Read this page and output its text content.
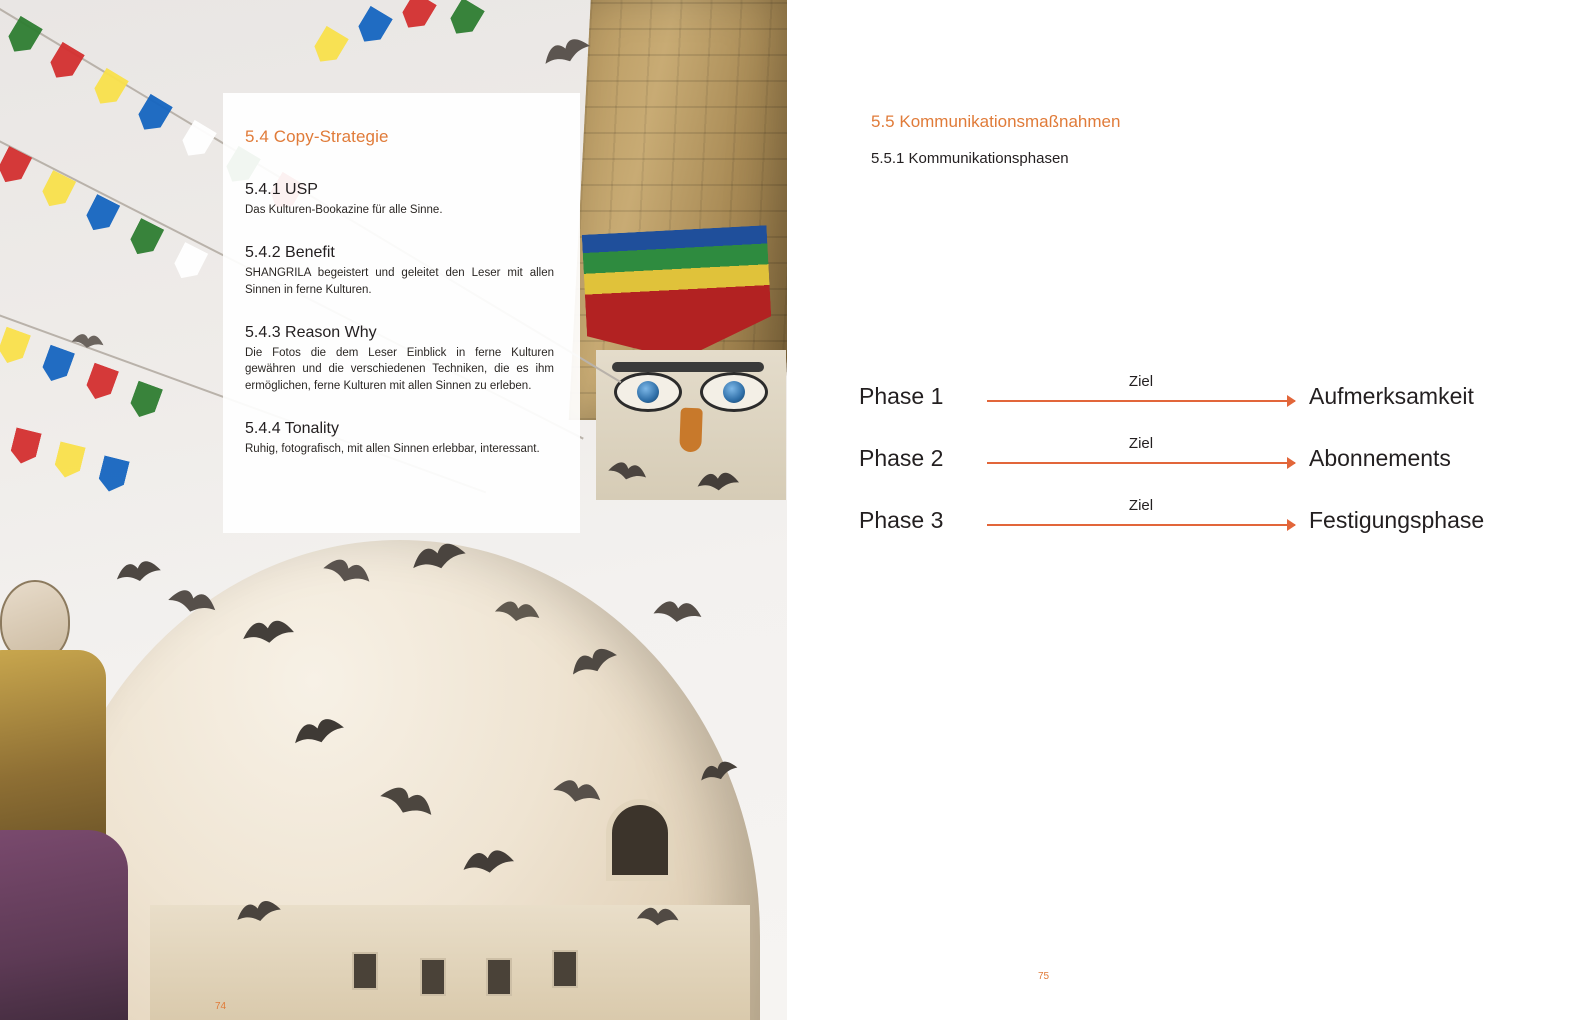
5.4 Copy-Strategie
5.4.1 USP

Das Kulturen-Bookazine für alle Sinne.

5.4.2 Benefit

SHANGRILA begeistert und geleitet den Leser mit allen Sinnen in ferne Kulturen.

5.4.3 Reason Why

Die Fotos die dem Leser Einblick in ferne Kulturen gewähren und die verschiedenen Techniken, die es ihm ermöglichen, ferne Kulturen mit allen Sinnen zu erleben.

5.4.4 Tonality

Ruhig, fotografisch, mit allen Sinnen erlebbar, interessant.

74
5.5 Kommunikationsmaßnahmen
5.5.1 Kommunikationsphasen
Phase 1
Ziel
Aufmerksamkeit
Phase 2
Ziel
Abonnements
Phase 3
Ziel
Festigungsphase
75
